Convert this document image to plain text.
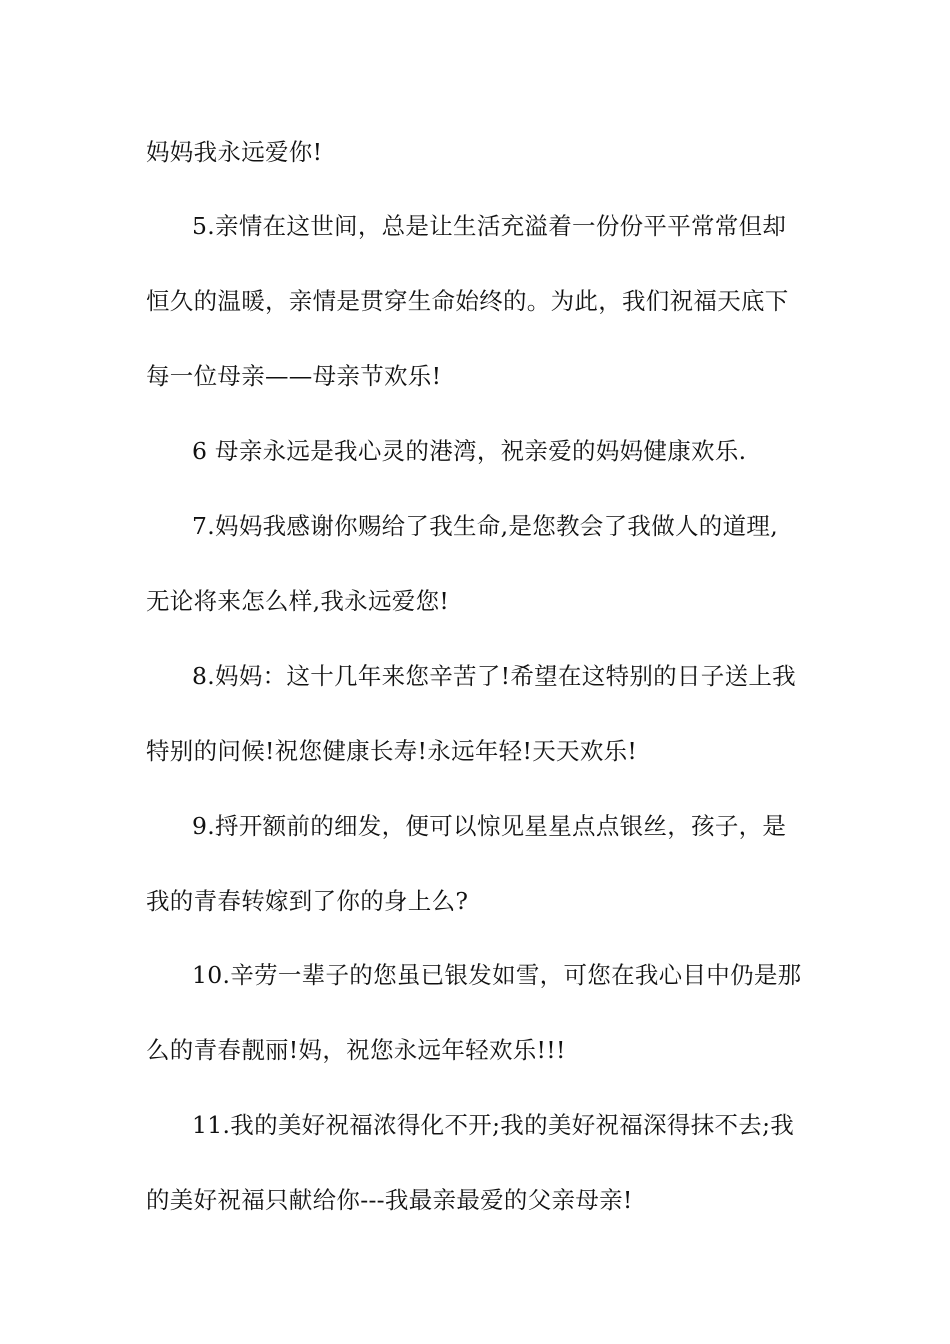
妈妈我永远爱你!
5.亲情在这世间，总是让生活充溢着一份份平平常常但却
恒久的温暖，亲情是贯穿生命始终的。为此，我们祝福天底下
每一位母亲——母亲节欢乐!
6 母亲永远是我心灵的港湾，祝亲爱的妈妈健康欢乐.
7.妈妈我感谢你赐给了我生命,是您教会了我做人的道理,
无论将来怎么样,我永远爱您!
8.妈妈：这十几年来您辛苦了!希望在这特别的日子送上我
特别的问候!祝您健康长寿!永远年轻!天天欢乐!
9.捋开额前的细发，便可以惊见星星点点银丝，孩子，是
我的青春转嫁到了你的身上么?
10.辛劳一辈子的您虽已银发如雪，可您在我心目中仍是那
么的青春靓丽!妈，祝您永远年轻欢乐!!!
11.我的美好祝福浓得化不开;我的美好祝福深得抹不去;我
的美好祝福只献给你---我最亲最爱的父亲母亲!
